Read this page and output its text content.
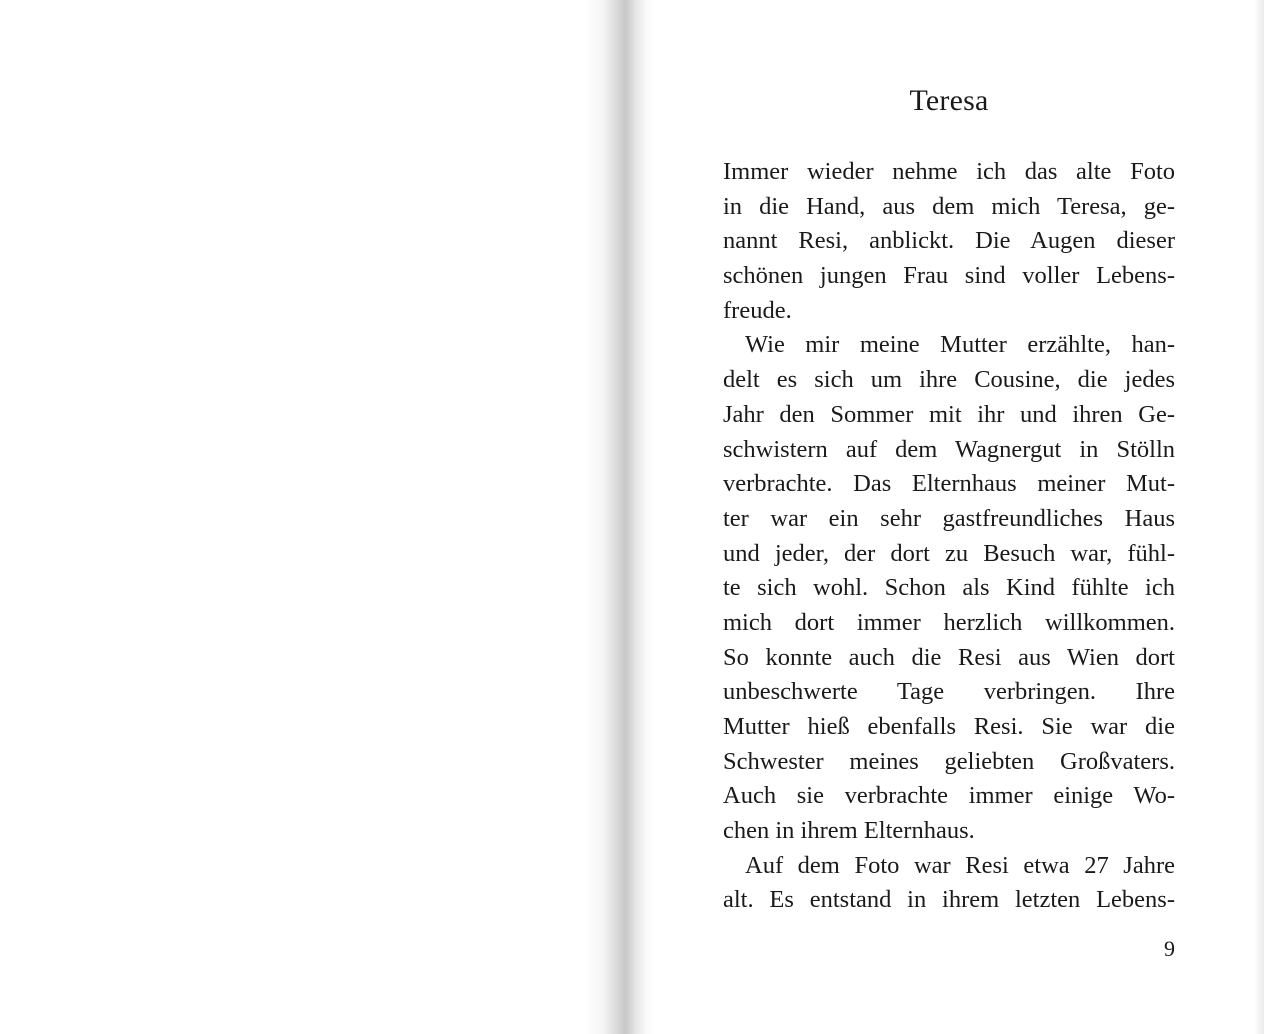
Teresa

Immer wieder nehme ich das alte Foto
in die Hand, aus dem mich Teresa, ge-
nannt Resi, anblickt. Die Augen dieser
schönen jungen Frau sind voller Lebens-
freude.

Wie mir meine Mutter erzählte, han-
delt es sich um ihre Cousine, die jedes
Jahr den Sommer mit ihr und ihren Ge-
schwistern auf dem Wagnergut in Stölln
verbrachte. Das Elternhaus meiner Mut-
ter war ein sehr gastfreundliches Haus
und jeder, der dort zu Besuch war, fühl-
te sich wohl. Schon als Kind fühlte ich
mich dort immer herzlich willkommen.
So konnte auch die Resi aus Wien dort
unbeschwerte Tage verbringen. Ihre
Mutter hieß ebenfalls Resi. Sie war die
Schwester meines geliebten Großvaters.
Auch sie verbrachte immer einige Wo-
chen in ihrem Elternhaus.

Auf dem Foto war Resi etwa 27 Jahre
alt. Es entstand in ihrem letzten Lebens-

9
